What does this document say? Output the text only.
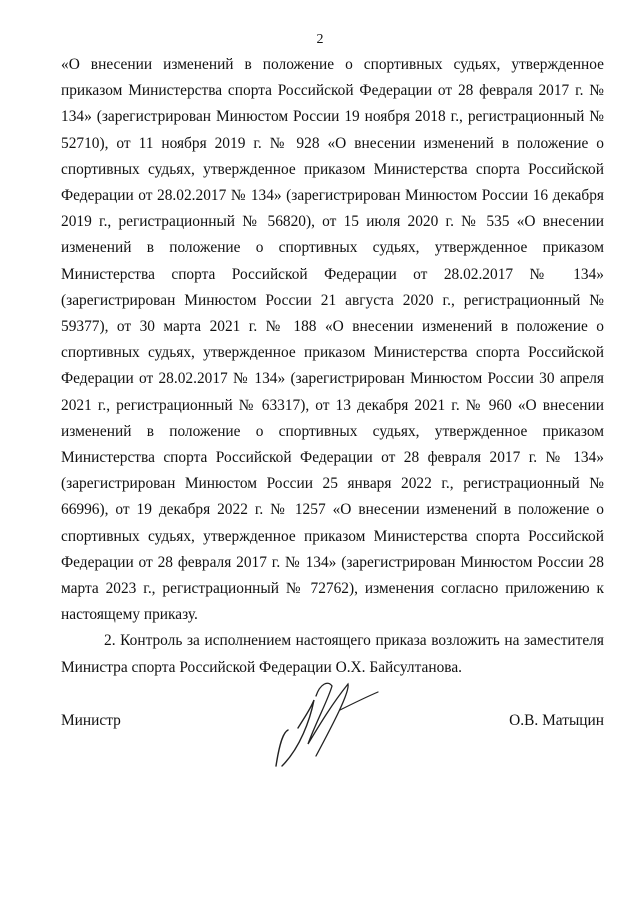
2

«О внесении изменений в положение о спортивных судьях, утвержденное приказом Министерства спорта Российской Федерации от 28 февраля 2017 г. № 134» (зарегистрирован Минюстом России 19 ноября 2018 г., регистрационный № 52710), от 11 ноября 2019 г. № 928 «О внесении изменений в положение о спортивных судьях, утвержденное приказом Министерства спорта Российской Федерации от 28.02.2017 № 134» (зарегистрирован Минюстом России 16 декабря 2019 г., регистрационный № 56820), от 15 июля 2020 г. № 535 «О внесении изменений в положение о спортивных судьях, утвержденное приказом Министерства спорта Российской Федерации от 28.02.2017 № 134» (зарегистрирован Минюстом России 21 августа 2020 г., регистрационный № 59377), от 30 марта 2021 г. № 188 «О внесении изменений в положение о спортивных судьях, утвержденное приказом Министерства спорта Российской Федерации от 28.02.2017 № 134» (зарегистрирован Минюстом России 30 апреля 2021 г., регистрационный № 63317), от 13 декабря 2021 г. № 960 «О внесении изменений в положение о спортивных судьях, утвержденное приказом Министерства спорта Российской Федерации от 28 февраля 2017 г. № 134» (зарегистрирован Минюстом России 25 января 2022 г., регистрационный № 66996), от 19 декабря 2022 г. № 1257 «О внесении изменений в положение о спортивных судьях, утвержденное приказом Министерства спорта Российской Федерации от 28 февраля 2017 г. № 134» (зарегистрирован Минюстом России 28 марта 2023 г., регистрационный № 72762), изменения согласно приложению к настоящему приказу.

2. Контроль за исполнением настоящего приказа возложить на заместителя Министра спорта Российской Федерации О.Х. Байсултанова.

Министр	О.В. Матыцин
